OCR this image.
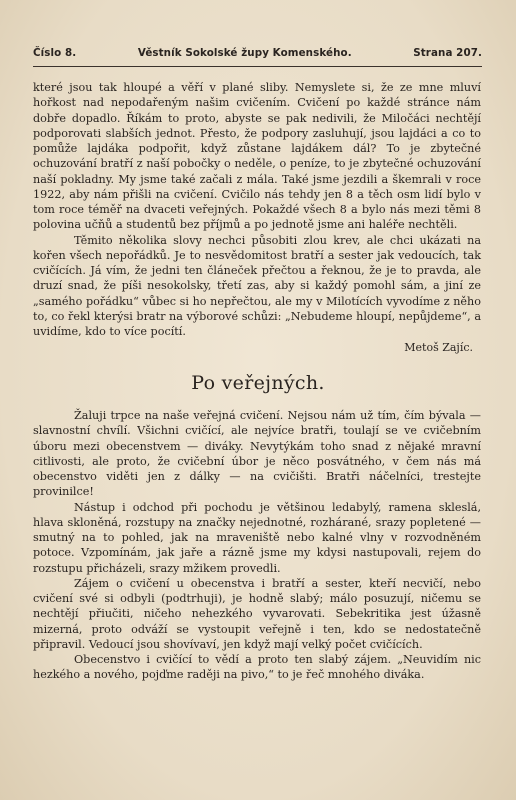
Číslo 8.	Věstník Sokolské župy Komenského.	Strana 207.

které jsou tak hloupé a věří v plané sliby. Nemyslete si, že ze mne mluví hořkost nad nepodařeným našim cvičením. Cvičení po každé stránce nám dobře dopadlo. Říkám to proto, abyste se pak nedivili, že Miločáci nechtějí podporovati slabších jednot. Přesto, že podpory zasluhují, jsou lajdáci a co to pomůže lajdáka podpořit, když zůstane lajdákem dál? To je zbytečné ochuzování bratří z naší pobočky o neděle, o peníze, to je zbytečné ochuzování naší pokladny. My jsme také začali z mála. Také jsme jezdili a škemrali v roce 1922, aby nám přišli na cvičení. Cvičilo nás tehdy jen 8 a těch osm lidí bylo v tom roce téměř na dvaceti veřejných. Pokaždé všech 8 a bylo nás mezi těmi 8 polovina učňů a studentů bez příjmů a po jednotě jsme ani haléře nechtěli.

Těmito několika slovy nechci působiti zlou krev, ale chci ukázati na kořen všech nepořádků. Je to nesvědomitost bratří a sester jak vedoucích, tak cvičících. Já vím, že jedni ten článeček přečtou a řeknou, že je to pravda, ale druzí snad, že píši nesokolsky, třetí zas, aby si každý pomohl sám, a jiní ze „samého pořádku“ vůbec si ho nepřečtou, ale my v Milotících vyvodíme z něho to, co řekl kterýsi bratr na výborové schůzi: „Nebudeme hloupí, nepůjdeme“, a uvidíme, kdo to více pocítí.

Metoš Zajíc.
Po veřejných.

Žaluji trpce na naše veřejná cvičení. Nejsou nám už tím, čím bývala — slavnostní chvílí. Všichni cvičící, ale nejvíce bratři, toulají se ve cvičebním úboru mezi obecenstvem — diváky. Nevytýkám toho snad z nějaké mravní citlivosti, ale proto, že cvičební úbor je něco posvátného, v čem nás má obecenstvo viděti jen z dálky — na cvičišti. Bratři náčelníci, trestejte provinilce!

Nástup i odchod při pochodu je většinou ledabylý, ramena skleslá, hlava skloněná, rozstupy na značky nejednotné, rozhárané, srazy popletené — smutný na to pohled, jak na mraveniště nebo kalné vlny v rozvodněném potoce. Vzpomínám, jak jaře a rázně jsme my kdysi nastupovali, rejem do rozstupu přicházeli, srazy mžikem provedli.

Zájem o cvičení u obecenstva i bratří a sester, kteří necvičí, nebo cvičení své si odbyli (podtrhuji), je hodně slabý; málo posuzují, ničemu se nechtějí přiučiti, ničeho nehezkého vyvarovati. Sebekritika jest úžasně mizerná, proto odváží se vystoupit veřejně i ten, kdo se nedostatečně připravil. Vedoucí jsou shovívaví, jen když mají velký počet cvičících.

Obecenstvo i cvičící to vědí a proto ten slabý zájem. „Neuvidím nic hezkého a nového, pojďme raději na pivo,“ to je řeč mnohého diváka.
